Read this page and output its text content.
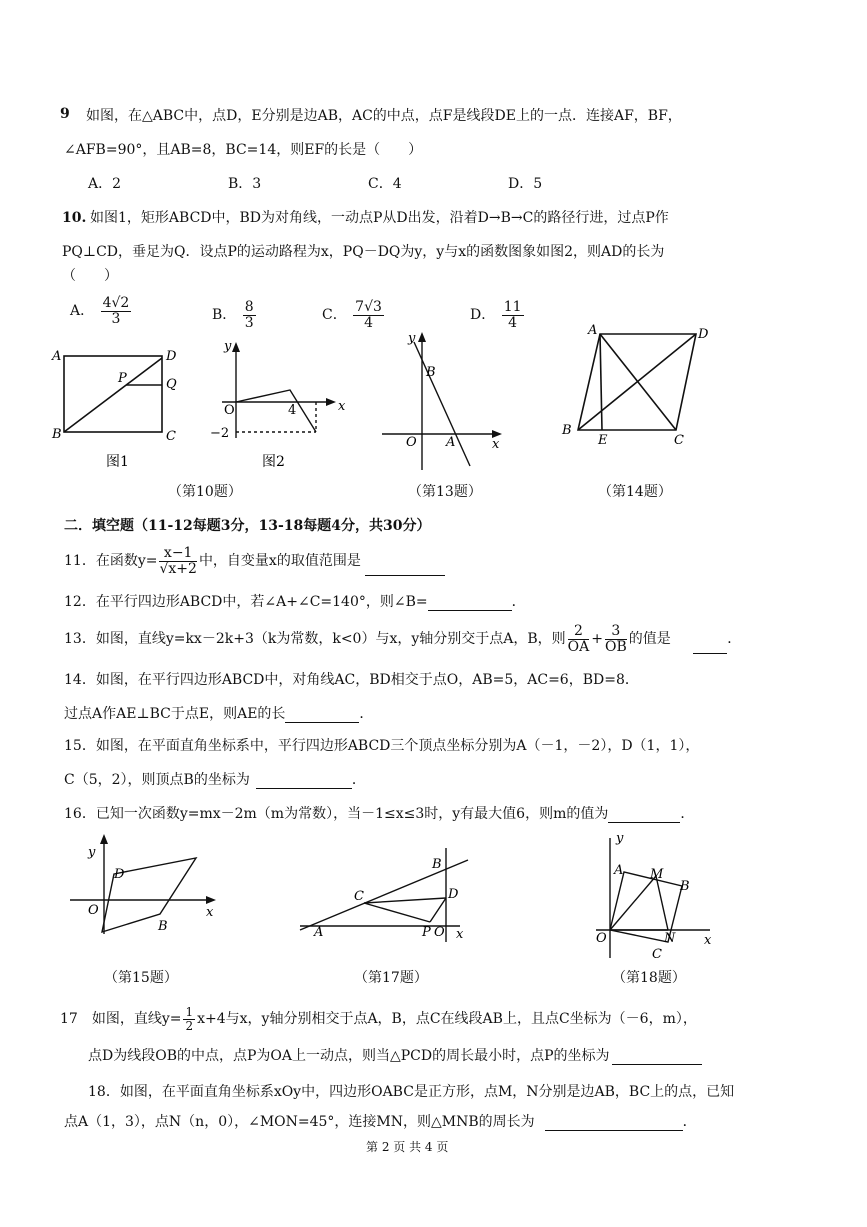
9 如图，在△ABC中，点D，E分别是边AB，AC的中点，点F是线段DE上的一点．连接AF，BF，
∠AFB=90°，且AB=8，BC=14，则EF的长是（　　）
A．2	B．3	C．4	D．5
10. 如图1，矩形ABCD中，BD为对角线，一动点P从D出发，沿着D→B→C的路径行进，过点P作
PQ⊥CD，垂足为Q．设点P的运动路程为x，PQ－DQ为y，y与x的函数图象如图2，则AD的长为
（　　）
A． $\frac{4√2}{3}$	B． $\frac{8}{3}$	C． $\frac{7√3}{4}$	D． $\frac{11}{4}$
A	D
P	Q
B	C
图1
y
x
O	4
−2
图2
y
x
B
O A
A	D
B
E	C
（第10题）	（第13题）	（第14题）
二．填空题（11-12每题3分，13-18每题4分，共30分）
11．在函数$y= \frac{x-1}{√x+2}$ 中，自变量x的取值范围是
12．在平行四边形ABCD中，若∠A+∠C=140°，则∠B=	．
13．如图，直线y=kx－2k+3（k为常数，k<0）与x，y轴分别交于点A，B，则 $\frac{2}{OA} + \frac{3}{OB}$ 的值是	．
14．如图，在平行四边形ABCD中，对角线AC，BD相交于点O，AB=5，AC=6，BD=8．
过点A作AE⊥BC于点E，则AE的长	．
15．如图，在平面直角坐标系中，平行四边形ABCD三个顶点坐标分别为A（－1，－2），D（1，1），
C（5，2），则顶点B的坐标为	．
16．已知一次函数y=mx－2m（m为常数），当－1≤x≤3时，y有最大值6，则m的值为	．
y
x
O
D
B
B
D
C
A	P O x
y
x
A M
B
O	N
C
（第15题）	（第17题）	（第18题）
17 如图，直线$y= \frac{1}{2} x+4$与x，y轴分别相交于点A，B，点C在线段AB上，且点C坐标为（－6，m），
点D为线段OB的中点，点P为OA上一动点，则当△PCD的周长最小时，点P的坐标为
18．如图，在平面直角坐标系xOy中，四边形OABC是正方形，点M，N分别是边AB，BC上的点，已知
点A（1，3），点N（n，0），∠MON=45°，连接MN，则△MNB的周长为	．
第 2 页 共 4 页
